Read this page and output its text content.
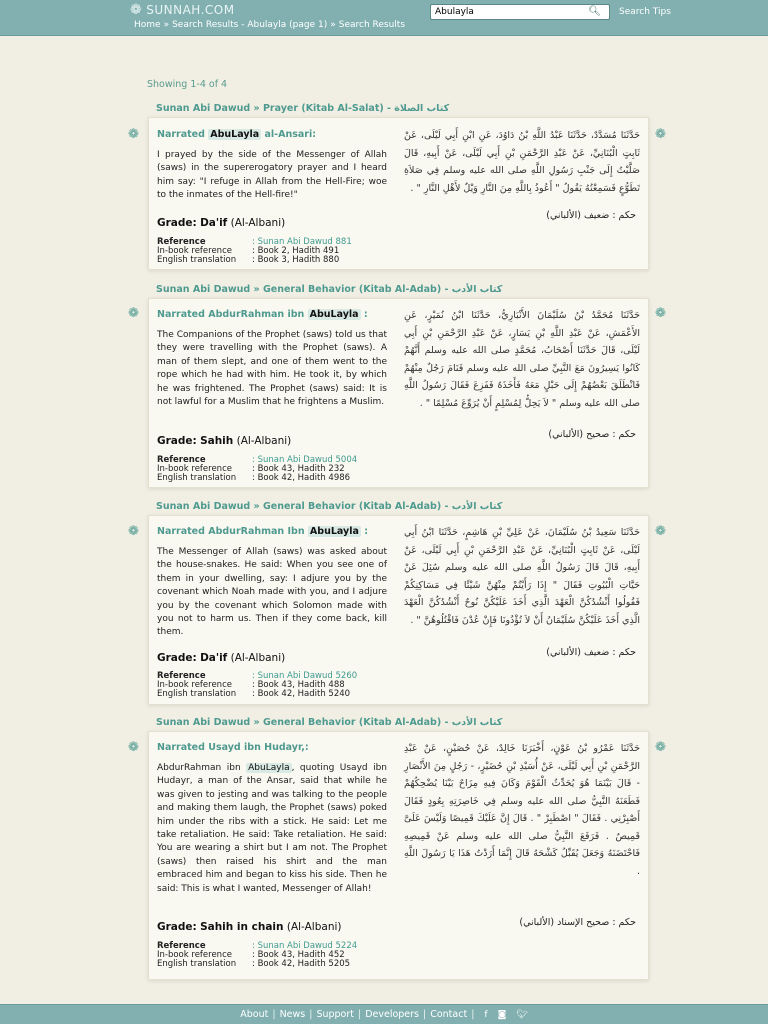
❁ SUNNAH.COM
Home » Search Results - Abulayla (page 1) » Search Results
Abulayla
🔍︎ Search Tips
Showing 1-4 of 4
Sunan Abi Dawud » Prayer (Kitab Al-Salat) - كتاب الصلاة
❁	❁
Narrated AbuLayla al-Ansari:
I prayed by the side of the Messenger of Allah (saws) in the supererogatory prayer and I heard him say: "I refuge in Allah from the Hell-Fire; woe to the inmates of the Hell-fire!"
حَدَّثَنَا مُسَدَّدٌ، حَدَّثَنَا عَبْدُ اللَّهِ بْنُ دَاوُدَ، عَنِ ابْنِ أَبِي لَيْلَى، عَنْ ثَابِتٍ الْبُنَانِيِّ، عَنْ عَبْدِ الرَّحْمَنِ بْنِ أَبِي لَيْلَى، عَنْ أَبِيهِ، قَالَ صَلَّيْتُ إِلَى جَنْبِ رَسُولِ اللَّهِ صلى الله عليه وسلم فِي صَلاَةِ تَطَوُّعٍ فَسَمِعْتُهُ يَقُولُ ‏"‏ أَعُوذُ بِاللَّهِ مِنَ النَّارِ وَيْلٌ لأَهْلِ النَّارِ ‏"‏ ‏.‏
Grade: Da'if (Al-Albani)
حكم : ضعيف (الألباني)
Reference	: Sunan Abi Dawud 881
In-book reference	: Book 2, Hadith 491
English translation	: Book 3, Hadith 880
Sunan Abi Dawud » General Behavior (Kitab Al-Adab) - كتاب الأدب
❁	❁
Narrated AbdurRahman ibn AbuLayla :
The Companions of the Prophet (saws) told us that they were travelling with the Prophet (saws). A man of them slept, and one of them went to the rope which he had with him. He took it, by which he was frightened. The Prophet (saws) said: It is not lawful for a Muslim that he frightens a Muslim.
حَدَّثَنَا مُحَمَّدُ بْنُ سُلَيْمَانَ الأَنْبَارِيُّ، حَدَّثَنَا ابْنُ نُمَيْرٍ، عَنِ الأَعْمَشِ، عَنْ عَبْدِ اللَّهِ بْنِ يَسَارٍ، عَنْ عَبْدِ الرَّحْمَنِ بْنِ أَبِي لَيْلَى، قَالَ حَدَّثَنَا أَصْحَابُ، مُحَمَّدٍ صلى الله عليه وسلم أَنَّهُمْ كَانُوا يَسِيرُونَ مَعَ النَّبِيِّ صلى الله عليه وسلم فَنَامَ رَجُلٌ مِنْهُمْ فَانْطَلَقَ بَعْضُهُمْ إِلَى حَبْلٍ مَعَهُ فَأَخَذَهُ فَفَزِعَ فَقَالَ رَسُولُ اللَّهِ صلى الله عليه وسلم ‏"‏ لاَ يَحِلُّ لِمُسْلِمٍ أَنْ يُرَوِّعَ مُسْلِمًا ‏"‏ ‏.‏
Grade: Sahih (Al-Albani)
حكم : صحيح (الألباني)
Reference	: Sunan Abi Dawud 5004
In-book reference	: Book 43, Hadith 232
English translation	: Book 42, Hadith 4986
Sunan Abi Dawud » General Behavior (Kitab Al-Adab) - كتاب الأدب
❁	❁
Narrated AbdurRahman Ibn AbuLayla :
The Messenger of Allah (saws) was asked about the house-snakes. He said: When you see one of them in your dwelling, say: I adjure you by the covenant which Noah made with you, and I adjure you by the covenant which Solomon made with you not to harm us. Then if they come back, kill them.
حَدَّثَنَا سَعِيدُ بْنُ سُلَيْمَانَ، عَنْ عَلِيِّ بْنِ هَاشِمٍ، حَدَّثَنَا ابْنُ أَبِي لَيْلَى، عَنْ ثَابِتٍ الْبُنَانِيِّ، عَنْ عَبْدِ الرَّحْمَنِ بْنِ أَبِي لَيْلَى، عَنْ أَبِيهِ، قَالَ قَالَ رَسُولُ اللَّهِ صلى الله عليه وسلم سُئِلَ عَنْ حَيَّاتِ الْبُيُوتِ فَقَالَ ‏"‏ إِذَا رَأَيْتُمْ مِنْهُنَّ شَيْئًا فِي مَسَاكِنِكُمْ فَقُولُوا أَنْشُدُكُنَّ الْعَهْدَ الَّذِي أَخَذَ عَلَيْكُنَّ نُوحٌ أَنْشُدُكُنَّ الْعَهْدَ الَّذِي أَخَذَ عَلَيْكُنَّ سُلَيْمَانُ أَنْ لاَ تُؤْذُونَا فَإِنْ عُدْنَ فَاقْتُلُوهُنَّ ‏"‏ ‏.‏
Grade: Da'if (Al-Albani)	حكم : ضعيف (الألباني)
Reference	: Sunan Abi Dawud 5260
In-book reference	: Book 43, Hadith 488
English translation	: Book 42, Hadith 5240
Sunan Abi Dawud » General Behavior (Kitab Al-Adab) - كتاب الأدب
❁	❁
Narrated Usayd ibn Hudayr,:
AbdurRahman ibn AbuLayla , quoting Usayd ibn Hudayr, a man of the Ansar, said that while he was given to jesting and was talking to the people and making them laugh, the Prophet (saws) poked him under the ribs with a stick. He said: Let me take retaliation. He said: Take retaliation. He said: You are wearing a shirt but I am not. The Prophet (saws) then raised his shirt and the man embraced him and began to kiss his side. Then he said: This is what I wanted, Messenger of Allah!
حَدَّثَنَا عَمْرُو بْنُ عَوْنٍ، أَخْبَرَنَا خَالِدٌ، عَنْ حُصَيْنٍ، عَنْ عَبْدِ الرَّحْمَنِ بْنِ أَبِي لَيْلَى، عَنْ أُسَيْدِ بْنِ حُضَيْرٍ، - رَجُلٍ مِنَ الأَنْصَارِ - قَالَ بَيْنَمَا هُوَ يُحَدِّثُ الْقَوْمَ وَكَانَ فِيهِ مِزَاحٌ بَيْنَا يُضْحِكُهُمْ فَطَعَنَهُ النَّبِيُّ صلى الله عليه وسلم فِي خَاصِرَتِهِ بِعُودٍ فَقَالَ أَصْبِرْنِي ‏.‏ فَقَالَ ‏"‏ اصْطَبِرْ ‏"‏ ‏.‏ قَالَ إِنَّ عَلَيْكَ قَمِيصًا وَلَيْسَ عَلَىَّ قَمِيصٌ ‏.‏ فَرَفَعَ النَّبِيُّ صلى الله عليه وسلم عَنْ قَمِيصِهِ فَاحْتَضَنَهُ وَجَعَلَ يُقَبِّلُ كَشْحَهُ قَالَ إِنَّمَا أَرَدْتُ هَذَا يَا رَسُولَ اللَّهِ ‏.‏
Grade: Sahih in chain (Al-Albani)	حكم : صحيح الإسناد (الألباني)
Reference	: Sunan Abi Dawud 5224
In-book reference	: Book 43, Hadith 452
English translation	: Book 42, Hadith 5205
About | News | Support | Developers | Contact | f ◙ 🐦︎
